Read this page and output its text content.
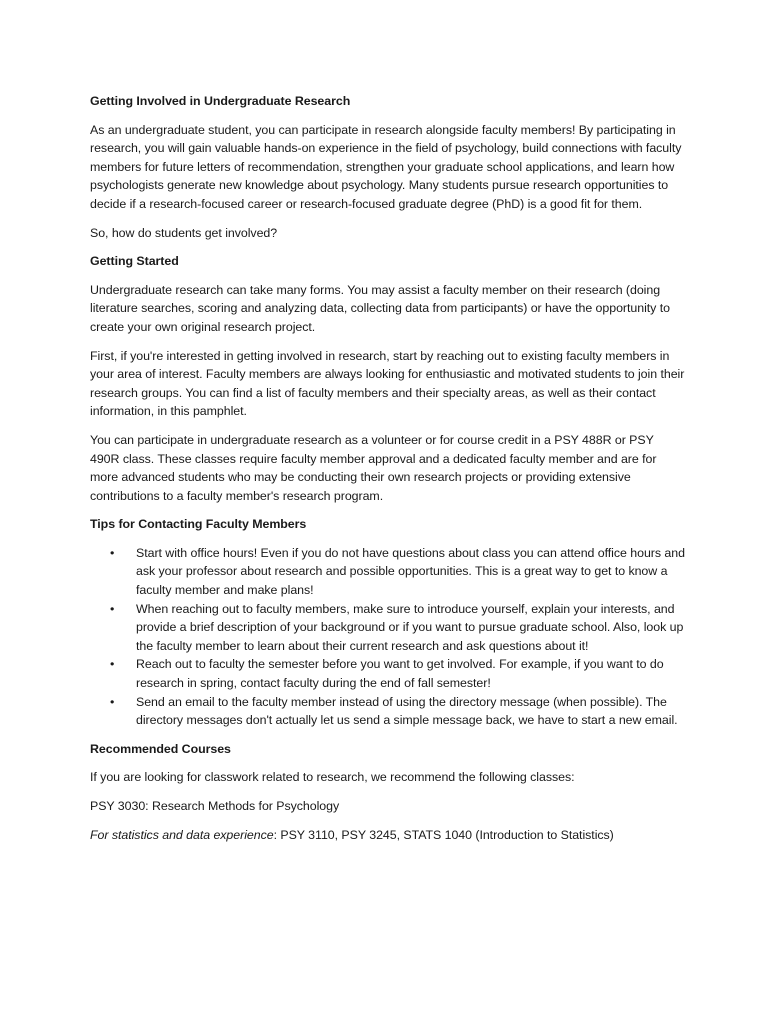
Getting Involved in Undergraduate Research

As an undergraduate student, you can participate in research alongside faculty members! By participating in research, you will gain valuable hands-on experience in the field of psychology, build connections with faculty members for future letters of recommendation, strengthen your graduate school applications, and learn how psychologists generate new knowledge about psychology. Many students pursue research opportunities to decide if a research-focused career or research-focused graduate degree (PhD) is a good fit for them.

So, how do students get involved?

Getting Started

Undergraduate research can take many forms. You may assist a faculty member on their research (doing literature searches, scoring and analyzing data, collecting data from participants) or have the opportunity to create your own original research project.

First, if you're interested in getting involved in research, start by reaching out to existing faculty members in your area of interest. Faculty members are always looking for enthusiastic and motivated students to join their research groups. You can find a list of faculty members and their specialty areas, as well as their contact information, in this pamphlet.

You can participate in undergraduate research as a volunteer or for course credit in a PSY 488R or PSY 490R class. These classes require faculty member approval and a dedicated faculty member and are for more advanced students who may be conducting their own research projects or providing extensive contributions to a faculty member's research program.

Tips for Contacting Faculty Members

• Start with office hours! Even if you do not have questions about class you can attend office hours and ask your professor about research and possible opportunities. This is a great way to get to know a faculty member and make plans!
• When reaching out to faculty members, make sure to introduce yourself, explain your interests, and provide a brief description of your background or if you want to pursue graduate school. Also, look up the faculty member to learn about their current research and ask questions about it!
• Reach out to faculty the semester before you want to get involved. For example, if you want to do research in spring, contact faculty during the end of fall semester!
• Send an email to the faculty member instead of using the directory message (when possible). The directory messages don't actually let us send a simple message back, we have to start a new email.

Recommended Courses

If you are looking for classwork related to research, we recommend the following classes:

PSY 3030: Research Methods for Psychology

For statistics and data experience: PSY 3110, PSY 3245, STATS 1040 (Introduction to Statistics)
